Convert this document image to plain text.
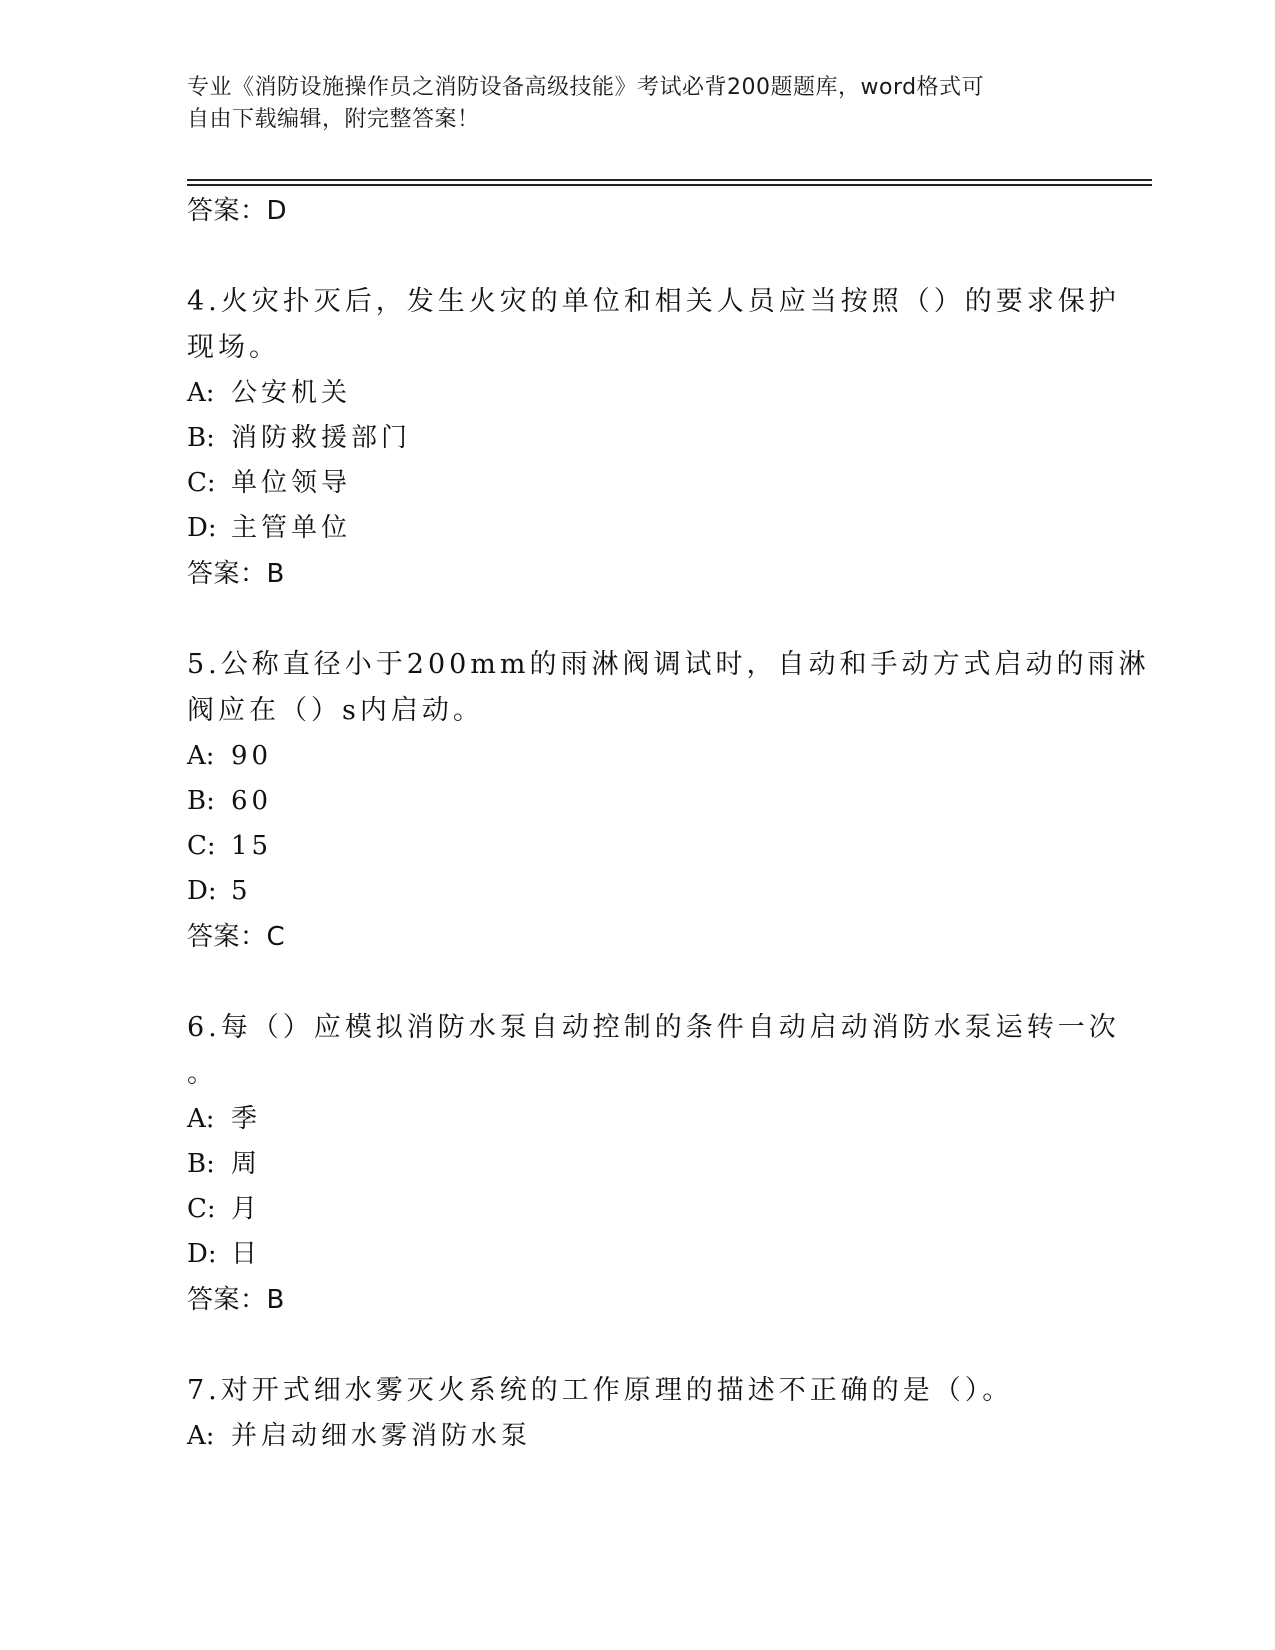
专业《消防设施操作员之消防设备高级技能》考试必背200题题库，word格式可
自由下载编辑，附完整答案！
答案：D
4.火灾扑灭后，发生火灾的单位和相关人员应当按照（）的要求保护
现场。
A: 公安机关
B: 消防救援部门
C: 单位领导
D: 主管单位
答案：B
5.公称直径小于200mm的雨淋阀调试时，自动和手动方式启动的雨淋
阀应在（）s内启动。
A: 90
B: 60
C: 15
D: 5
答案：C
6.每（）应模拟消防水泵自动控制的条件自动启动消防水泵运转一次
。
A: 季
B: 周
C: 月
D: 日
答案：B
7.对开式细水雾灭火系统的工作原理的描述不正确的是（）。
A: 并启动细水雾消防水泵
